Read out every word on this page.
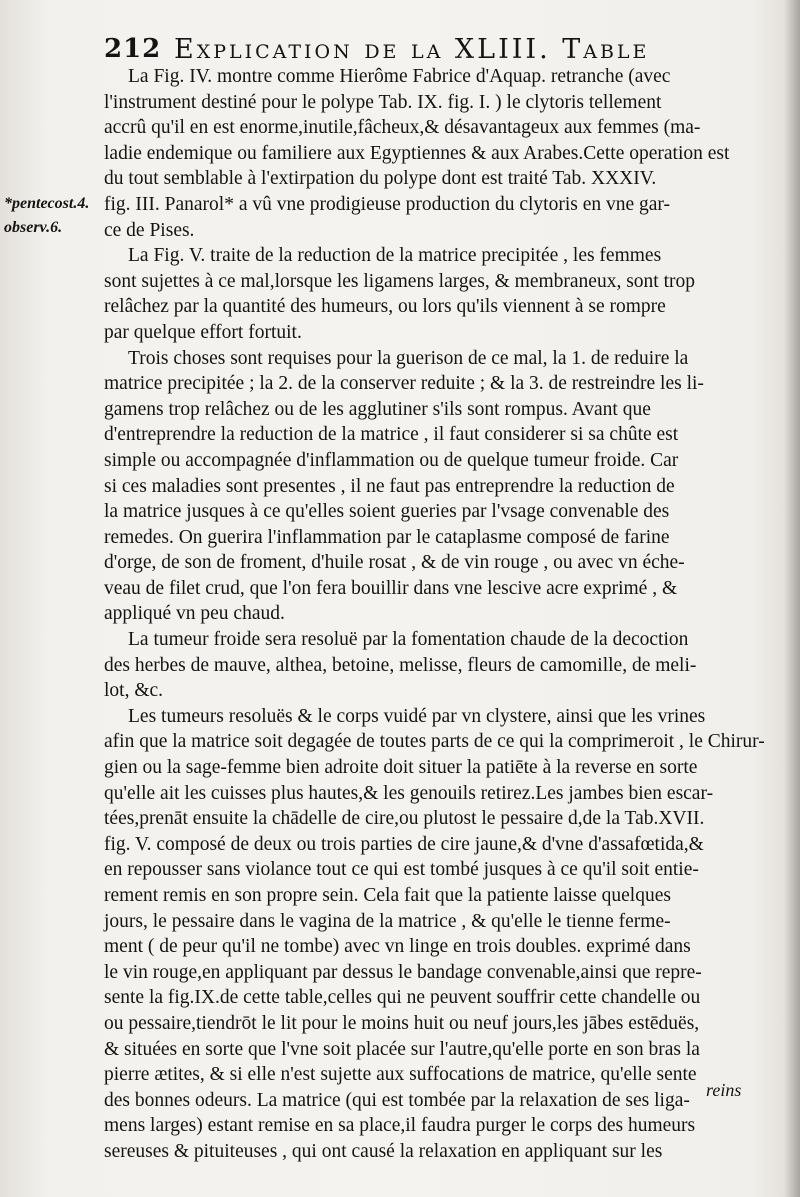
212 Explication de la XLIII. Table
*pentecost.4.
observ.6.
La Fig. IV. montre comme Hierôme Fabrice d'Aquap. retranche (avec
l'instrument destiné pour le polype Tab. IX. fig. I. ) le clytoris tellement
accrû qu'il en est enorme,inutile,fâcheux,& désavantageux aux femmes (ma-
ladie endemique ou familiere aux Egyptiennes & aux Arabes.Cette operation est
du tout semblable à l'extirpation du polype dont est traité Tab. XXXIV.
fig. III. Panarol* a vû vne prodigieuse production du clytoris en vne gar-
ce de Pises.
La Fig. V. traite de la reduction de la matrice precipitée , les femmes
sont sujettes à ce mal,lorsque les ligamens larges, & membraneux, sont trop
relâchez par la quantité des humeurs, ou lors qu'ils viennent à se rompre
par quelque effort fortuit.
Trois choses sont requises pour la guerison de ce mal, la 1. de reduire la
matrice precipitée ; la 2. de la conserver reduite ; & la 3. de restreindre les li-
gamens trop relâchez ou de les agglutiner s'ils sont rompus. Avant que
d'entreprendre la reduction de la matrice , il faut considerer si sa chûte est
simple ou accompagnée d'inflammation ou de quelque tumeur froide. Car
si ces maladies sont presentes , il ne faut pas entreprendre la reduction de
la matrice jusques à ce qu'elles soient gueries par l'vsage convenable des
remedes. On guerira l'inflammation par le cataplasme composé de farine
d'orge, de son de froment, d'huile rosat , & de vin rouge , ou avec vn éche-
veau de filet crud, que l'on fera bouillir dans vne lescive acre exprimé , &
appliqué vn peu chaud.
La tumeur froide sera resoluë par la fomentation chaude de la decoction
des herbes de mauve, althea, betoine, melisse, fleurs de camomille, de meli-
lot, &c.
Les tumeurs resoluës & le corps vuidé par vn clystere, ainsi que les vrines
afin que la matrice soit degagée de toutes parts de ce qui la comprimeroit , le Chirur-
gien ou la sage-femme bien adroite doit situer la patiēte à la reverse en sorte
qu'elle ait les cuisses plus hautes,& les genouils retirez.Les jambes bien escar-
tées,prenāt ensuite la chādelle de cire,ou plutost le pessaire d,de la Tab.XVII.
fig. V. composé de deux ou trois parties de cire jaune,& d'vne d'assafœtida,&
en repousser sans violance tout ce qui est tombé jusques à ce qu'il soit entie-
rement remis en son propre sein. Cela fait que la patiente laisse quelques
jours, le pessaire dans le vagina de la matrice , & qu'elle le tienne ferme-
ment ( de peur qu'il ne tombe) avec vn linge en trois doubles. exprimé dans
le vin rouge,en appliquant par dessus le bandage convenable,ainsi que repre-
sente la fig.IX.de cette table,celles qui ne peuvent souffrir cette chandelle ou
ou pessaire,tiendrōt le lit pour le moins huit ou neuf jours,les jābes estēduës,
& situées en sorte que l'vne soit placée sur l'autre,qu'elle porte en son bras la
pierre ætites, & si elle n'est sujette aux suffocations de matrice, qu'elle sente
des bonnes odeurs. La matrice (qui est tombée par la relaxation de ses liga-
mens larges) estant remise en sa place,il faudra purger le corps des humeurs
sereuses & pituiteuses , qui ont causé la relaxation en appliquant sur les
reins
